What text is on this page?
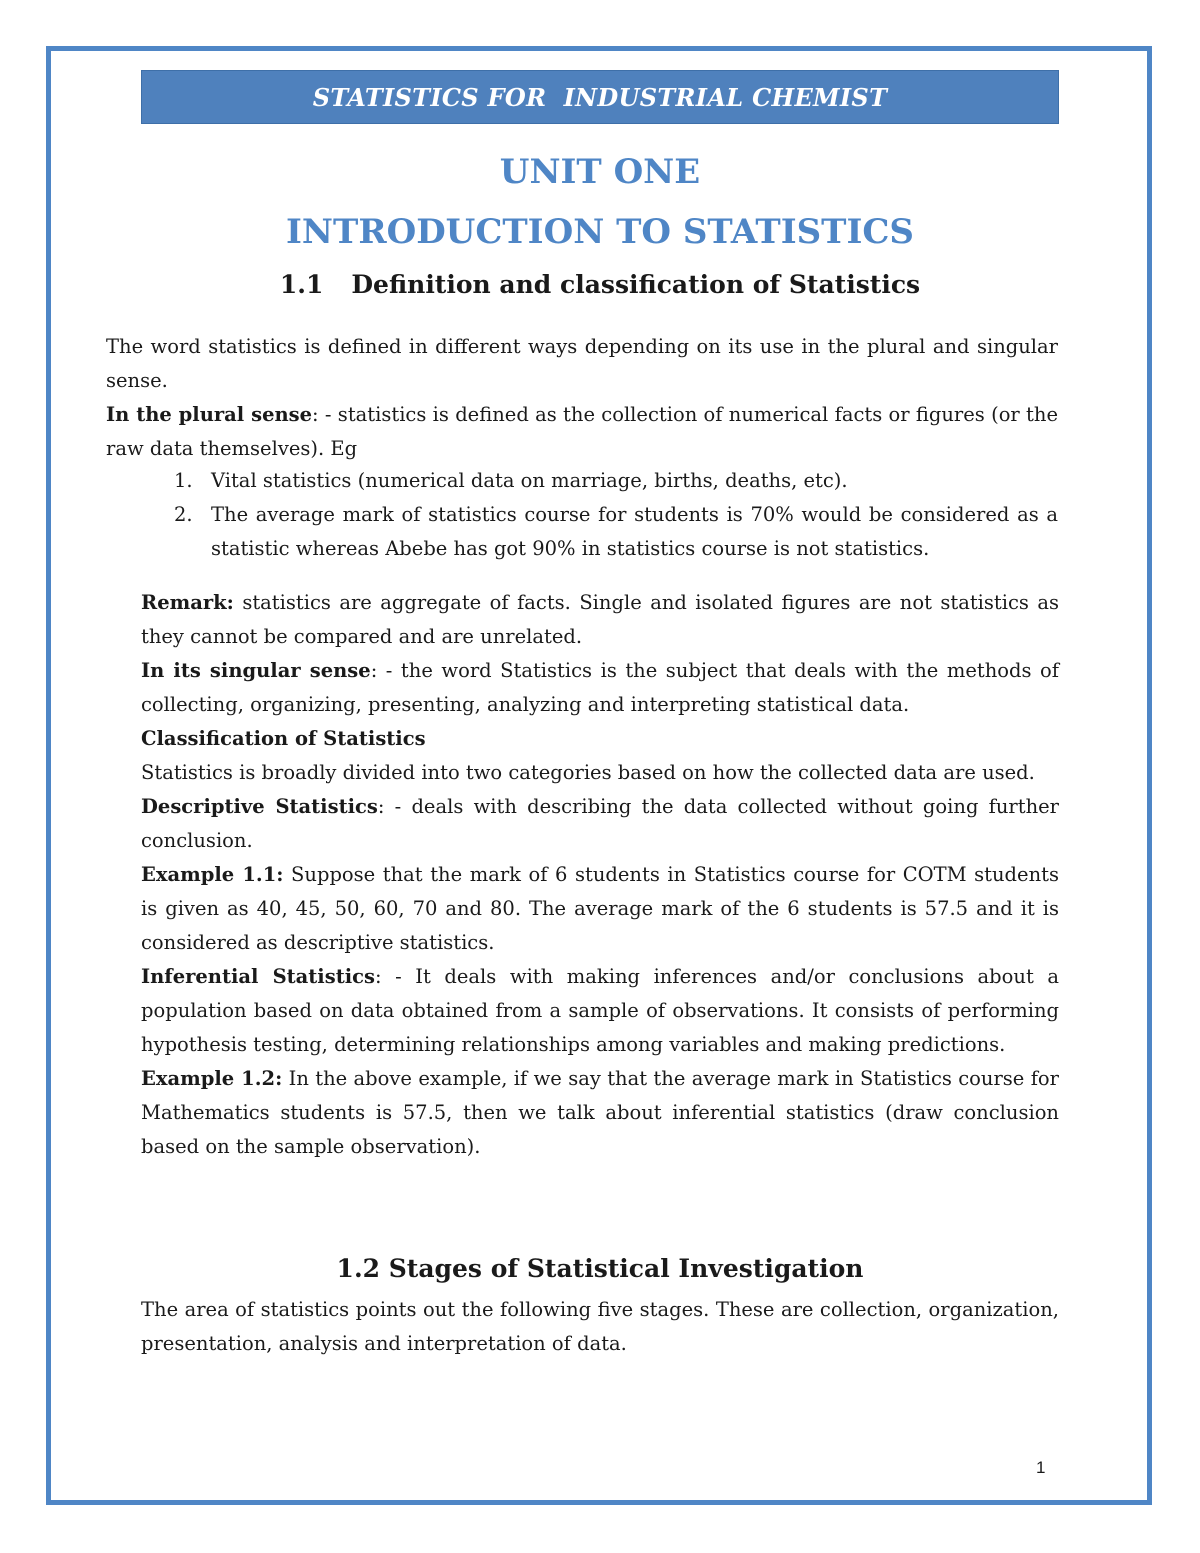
STATISTICS FOR  INDUSTRIAL CHEMIST
UNIT ONE
INTRODUCTION TO STATISTICS
1.1 Definition and classification of Statistics

The word statistics is defined in different ways depending on its use in the plural and singular sense.

In the plural sense: - statistics is defined as the collection of numerical facts or figures (or the raw data themselves). Eg

1. Vital statistics (numerical data on marriage, births, deaths, etc).
2. The average mark of statistics course for students is 70% would be considered as a statistic whereas Abebe has got 90% in statistics course is not statistics.

Remark: statistics are aggregate of facts. Single and isolated figures are not statistics as they cannot be compared and are unrelated.

In its singular sense: - the word Statistics is the subject that deals with the methods of collecting, organizing, presenting, analyzing and interpreting statistical data.

Classification of Statistics

Statistics is broadly divided into two categories based on how the collected data are used.

Descriptive Statistics: - deals with describing the data collected without going further conclusion.

Example 1.1: Suppose that the mark of 6 students in Statistics course for COTM students is given as 40, 45, 50, 60, 70 and 80. The average mark of the 6 students is 57.5 and it is considered as descriptive statistics.

Inferential Statistics: - It deals with making inferences and/or conclusions about a population based on data obtained from a sample of observations. It consists of performing hypothesis testing, determining relationships among variables and making predictions.

Example 1.2: In the above example, if we say that the average mark in Statistics course for Mathematics students is 57.5, then we talk about inferential statistics (draw conclusion based on the sample observation).

1.2 Stages of Statistical Investigation

The area of statistics points out the following five stages. These are collection, organization, presentation, analysis and interpretation of data.

1
